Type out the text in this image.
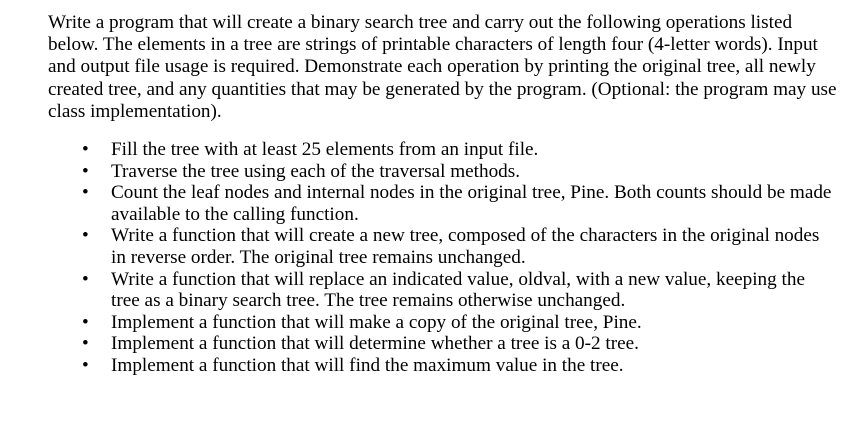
Write a program that will create a binary search tree and carry out the following operations listed below. The elements in a tree are strings of printable characters of length four (4-letter words). Input and output file usage is required. Demonstrate each operation by printing the original tree, all newly created tree, and any quantities that may be generated by the program. (Optional: the program may use class implementation).

• Fill the tree with at least 25 elements from an input file.
• Traverse the tree using each of the traversal methods.
• Count the leaf nodes and internal nodes in the original tree, Pine. Both counts should be made available to the calling function.
• Write a function that will create a new tree, composed of the characters in the original nodes in reverse order. The original tree remains unchanged.
• Write a function that will replace an indicated value, oldval, with a new value, keeping the tree as a binary search tree. The tree remains otherwise unchanged.
• Implement a function that will make a copy of the original tree, Pine.
• Implement a function that will determine whether a tree is a 0-2 tree.
• Implement a function that will find the maximum value in the tree.
